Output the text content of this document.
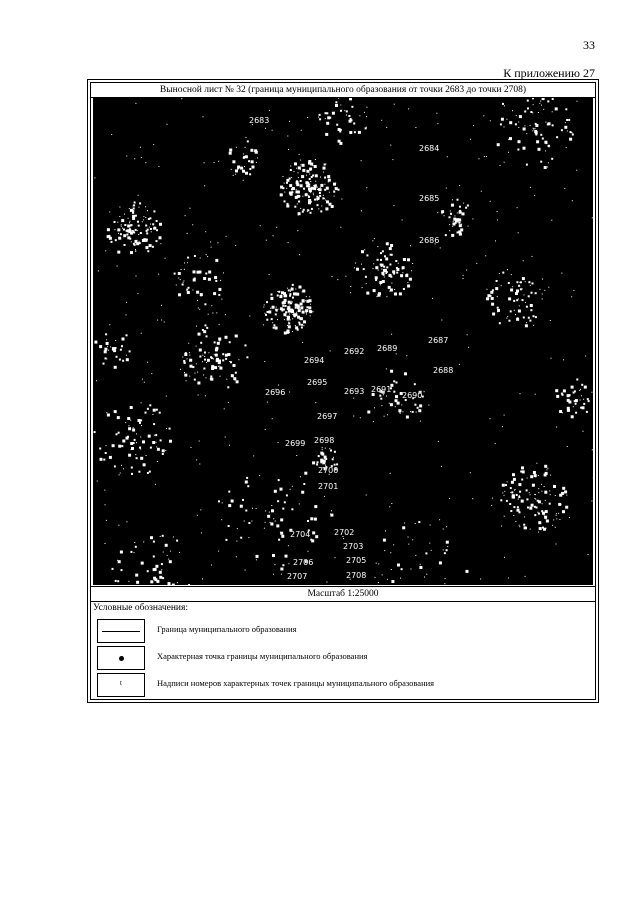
33
К приложению 27
Выносной лист № 32 (граница муниципального образования от точки 2683 до точки 2708)
2683
2684
2685
2686
2687
2688
2689
2690
2691
2692
2693
2694
2695
2696
2697
2698
2699
2700
2701
2702
2703
2704
2705
2706
2707	2708
Масштаб 1:25000
Условные обозначения:
Граница муниципального образования
Характерная точка границы муниципального образования
t	Надписи номеров характерных точек границы муниципального образования
